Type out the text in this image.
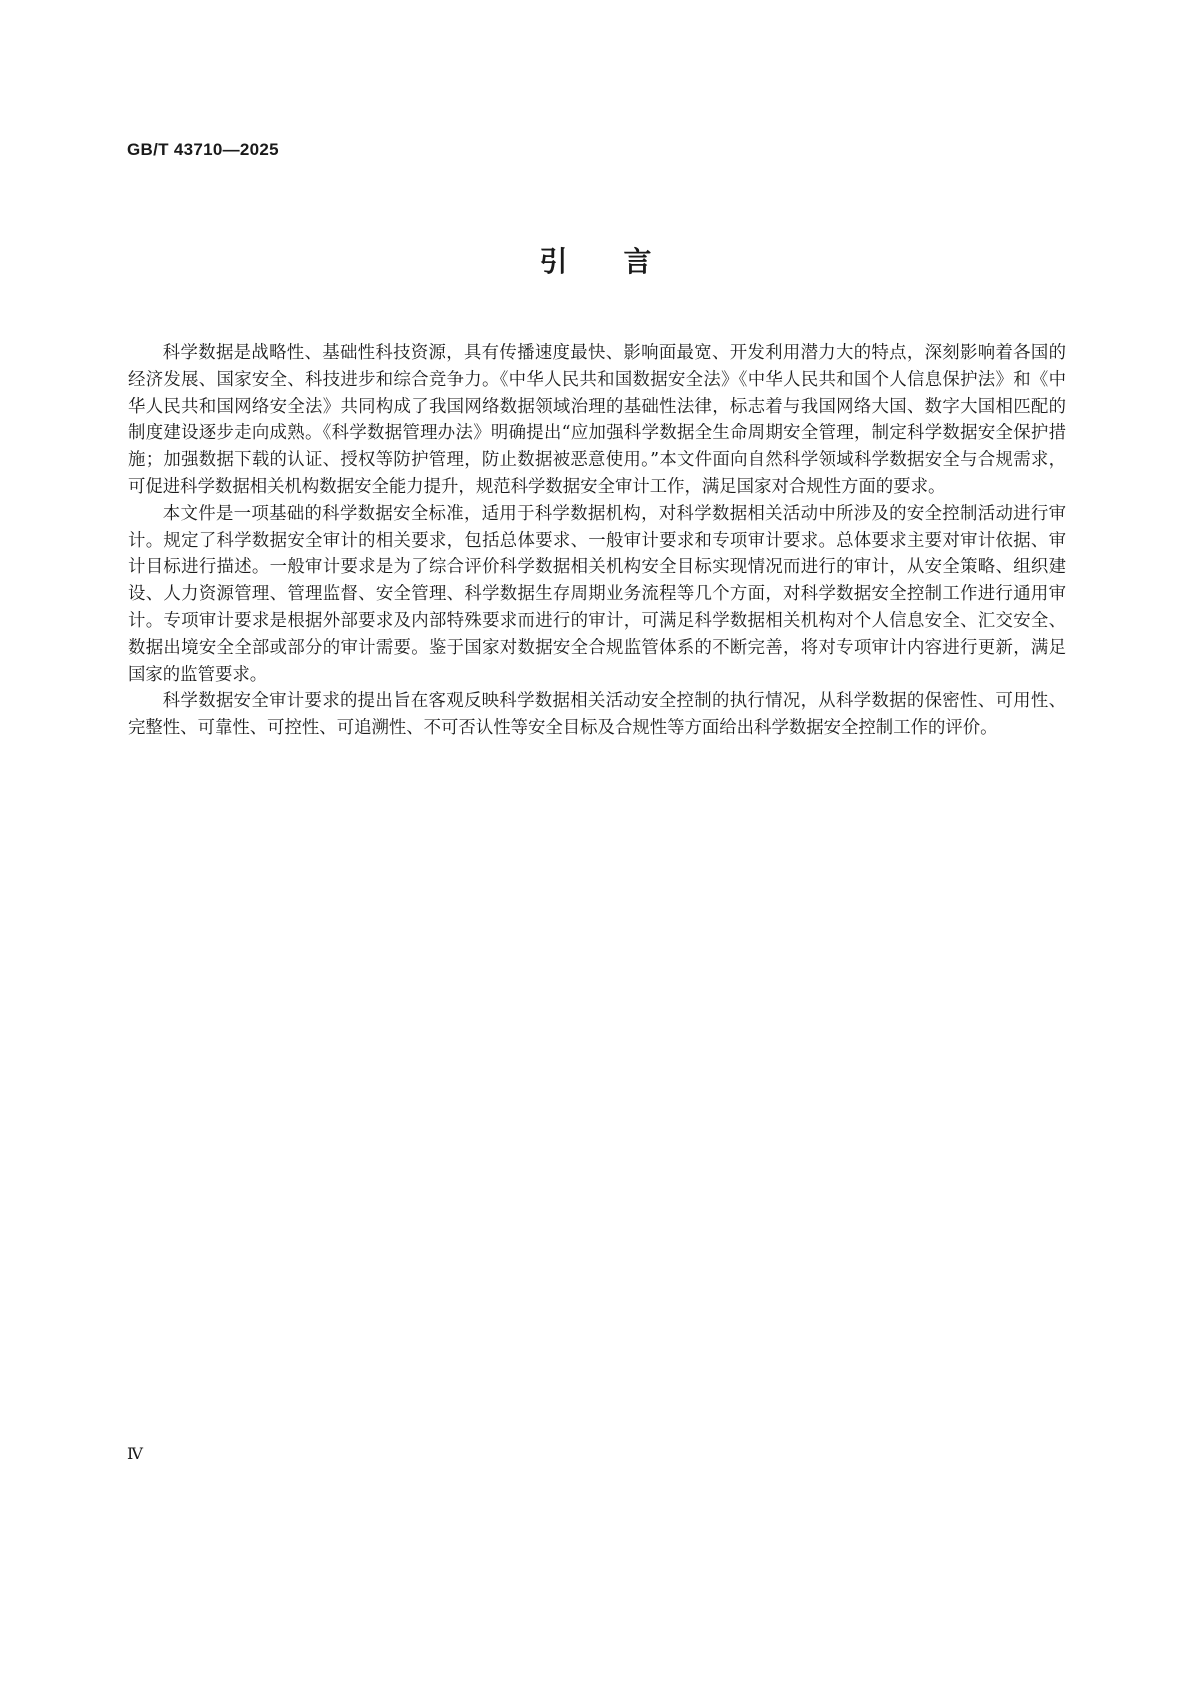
GB/T 43710—2025
引 言

科学数据是战略性、基础性科技资源，具有传播速度最快、影响面最宽、开发利用潜力大的特点，深刻影响着各国的经济发展、国家安全、科技进步和综合竞争力。《中华人民共和国数据安全法》《中华人民共和国个人信息保护法》和《中华人民共和国网络安全法》共同构成了我国网络数据领域治理的基础性法律，标志着与我国网络大国、数字大国相匹配的制度建设逐步走向成熟。《科学数据管理办法》明确提出“应加强科学数据全生命周期安全管理，制定科学数据安全保护措施；加强数据下载的认证、授权等防护管理，防止数据被恶意使用。”本文件面向自然科学领域科学数据安全与合规需求，可促进科学数据相关机构数据安全能力提升，规范科学数据安全审计工作，满足国家对合规性方面的要求。

本文件是一项基础的科学数据安全标准，适用于科学数据机构，对科学数据相关活动中所涉及的安全控制活动进行审计。规定了科学数据安全审计的相关要求，包括总体要求、一般审计要求和专项审计要求。总体要求主要对审计依据、审计目标进行描述。一般审计要求是为了综合评价科学数据相关机构安全目标实现情况而进行的审计，从安全策略、组织建设、人力资源管理、管理监督、安全管理、科学数据生存周期业务流程等几个方面，对科学数据安全控制工作进行通用审计。专项审计要求是根据外部要求及内部特殊要求而进行的审计，可满足科学数据相关机构对个人信息安全、汇交安全、数据出境安全全部或部分的审计需要。鉴于国家对数据安全合规监管体系的不断完善，将对专项审计内容进行更新，满足国家的监管要求。

科学数据安全审计要求的提出旨在客观反映科学数据相关活动安全控制的执行情况，从科学数据的保密性、可用性、完整性、可靠性、可控性、可追溯性、不可否认性等安全目标及合规性等方面给出科学数据安全控制工作的评价。

Ⅳ
